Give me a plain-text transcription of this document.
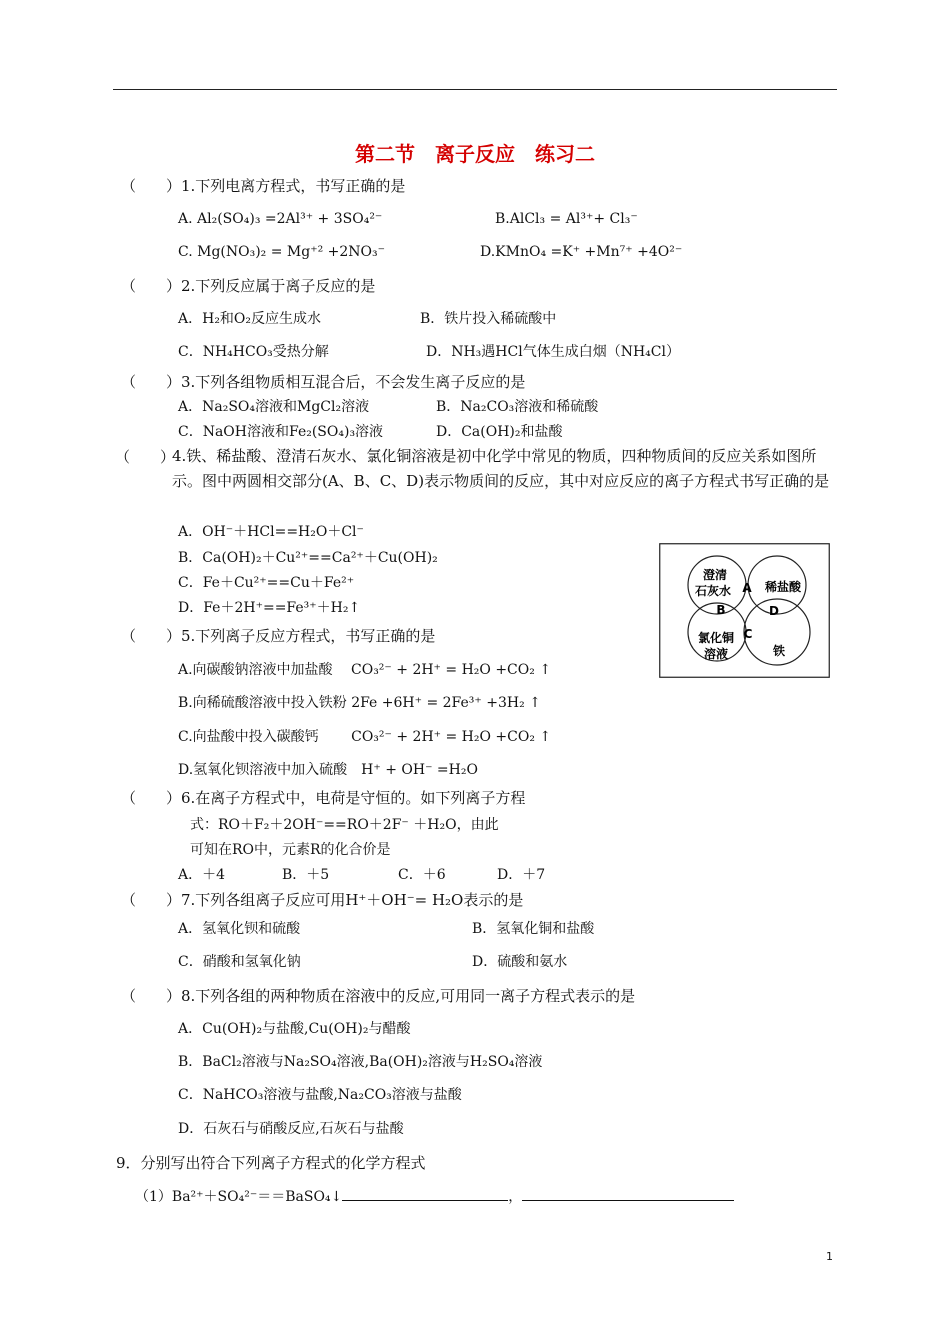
第二节　离子反应　练习二
（　　）1.下列电离方程式，书写正确的是
A. Al₂(SO₄)₃ =2Al³⁺ + 3SO₄²⁻	B.AlCl₃ = Al³⁺+ Cl₃⁻
C. Mg(NO₃)₂ = Mg⁺² +2NO₃⁻	D.KMnO₄ =K⁺ +Mn⁷⁺ +4O²⁻
（　　）2.下列反应属于离子反应的是
A．H₂和O₂反应生成水	B．铁片投入稀硫酸中
C．NH₄HCO₃受热分解	D．NH₃遇HCl气体生成白烟（NH₄Cl）
（　　）3.下列各组物质相互混合后，不会发生离子反应的是
A．Na₂SO₄溶液和MgCl₂溶液	B．Na₂CO₃溶液和稀硫酸
C．NaOH溶液和Fe₂(SO₄)₃溶液	D．Ca(OH)₂和盐酸
（　　）
4.铁、稀盐酸、澄清石灰水、氯化铜溶液是初中化学中常见的物质，四种物质间的反应关系如图所示。图中两圆相交部分(A、B、C、D)表示物质间的反应，其中对应反应的离子方程式书写正确的是
A．OH⁻＋HCl==H₂O＋Cl⁻
B．Ca(OH)₂＋Cu²⁺==Ca²⁺＋Cu(OH)₂
C．Fe＋Cu²⁺==Cu＋Fe²⁺
D．Fe＋2H⁺==Fe³⁺＋H₂↑
澄清
石灰水	稀盐酸
A
B
C
D
氯化铜
溶液	铁
（　　）5.下列离子反应方程式，书写正确的是
A.向碳酸钠溶液中加盐酸　 CO₃²⁻ + 2H⁺ = H₂O +CO₂ ↑
B.向稀硫酸溶液中投入铁粉 2Fe +6H⁺ = 2Fe³⁺ +3H₂ ↑
C.向盐酸中投入碳酸钙　　 CO₃²⁻ + 2H⁺ = H₂O +CO₂ ↑
D.氢氧化钡溶液中加入硫酸　H⁺ + OH⁻ =H₂O
（　　）6.在离子方程式中，电荷是守恒的。如下列离子方程
式：RO＋F₂＋2OH⁻==RO＋2F⁻ ＋H₂O，由此
可知在RO中，元素R的化合价是
A．＋4	B．＋5	C．＋6	D．＋7
（　　）7.下列各组离子反应可用H⁺＋OH⁻= H₂O表示的是
A．氢氧化钡和硫酸	B．氢氧化铜和盐酸
C．硝酸和氢氧化钠	D．硫酸和氨水
（　　）8.下列各组的两种物质在溶液中的反应,可用同一离子方程式表示的是
A．Cu(OH)₂与盐酸,Cu(OH)₂与醋酸
B．BaCl₂溶液与Na₂SO₄溶液,Ba(OH)₂溶液与H₂SO₄溶液
C．NaHCO₃溶液与盐酸,Na₂CO₃溶液与盐酸
D．石灰石与硝酸反应,石灰石与盐酸
9．分别写出符合下列离子方程式的化学方程式
（1）Ba²⁺＋SO₄²⁻＝＝BaSO₄↓	，
1
